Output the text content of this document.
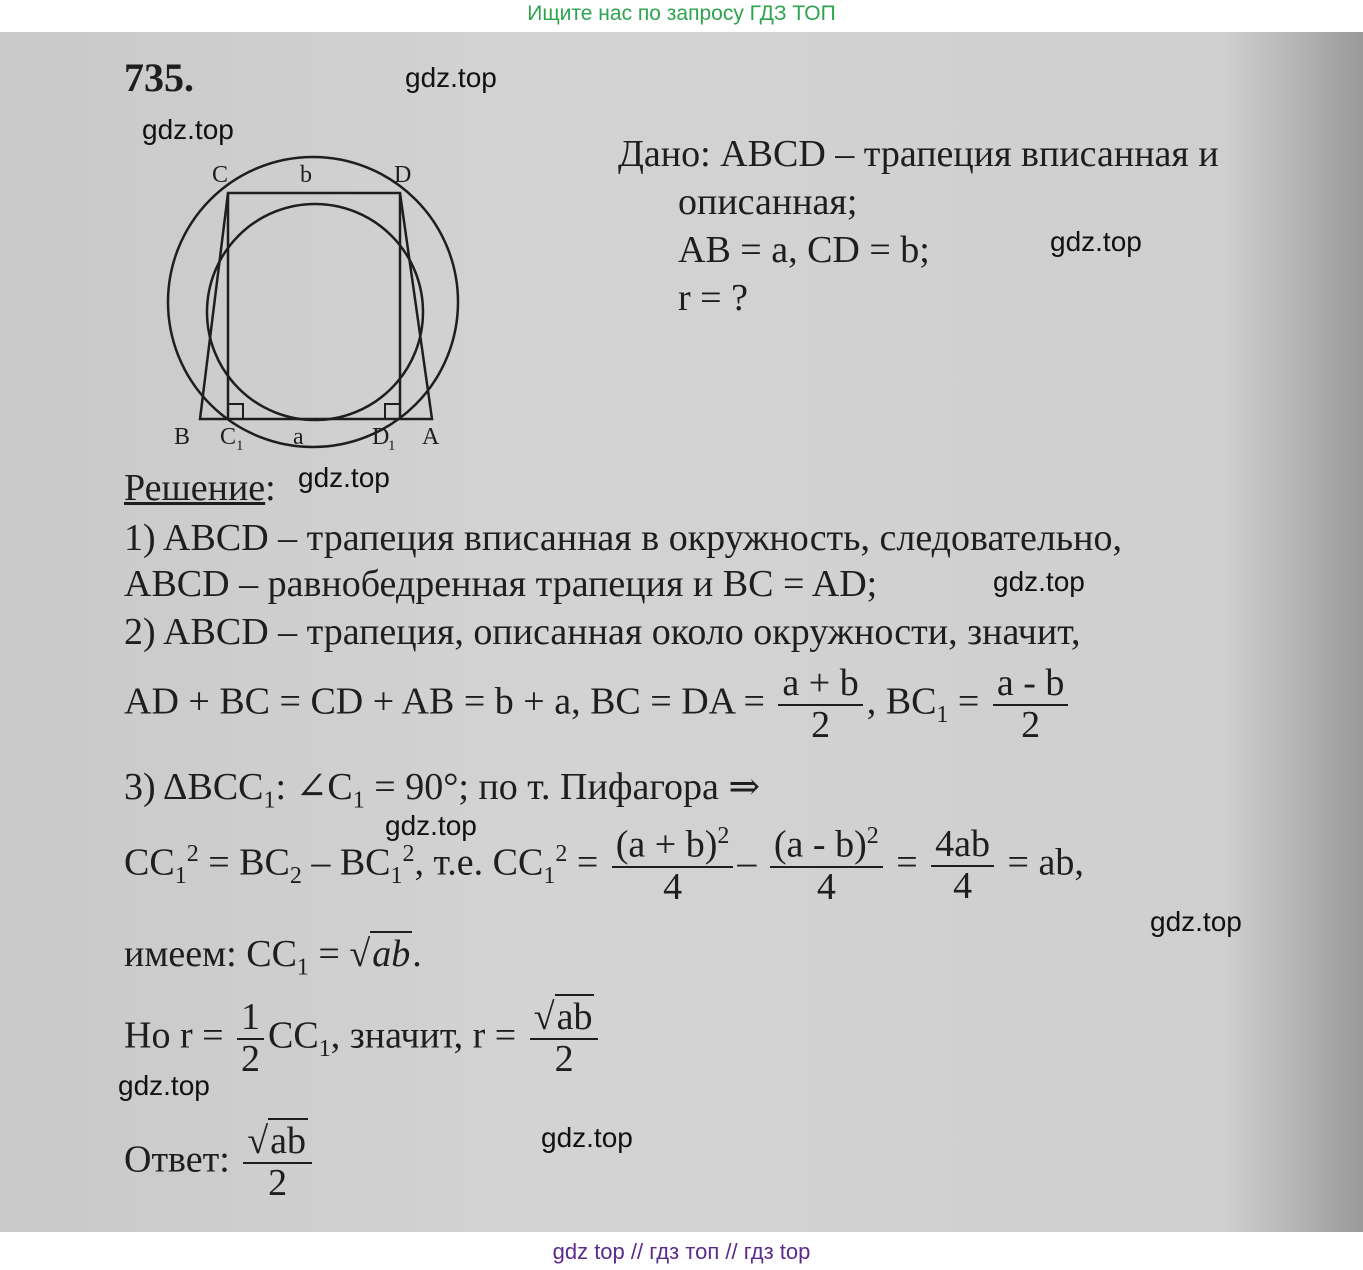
Ищите нас по запросу ГДЗ ТОП
735.	gdz.top
gdz.top
gdz.top
gdz.top
gdz.top
gdz.top
gdz.top
gdz.top
gdz.top
C	b	D
B C 1 a	D
1 A
Дано: ABCD – трапеция вписанная и
описанная;
AB = a, CD = b;
r = ?
Решение:
1) ABCD – трапеция вписанная в окружность, следовательно,
ABCD – равнобедренная трапеция и BC = AD;
2) ABCD – трапеция, описанная около окружности, значит,
AD + BC = CD + AB = b + a, BC = DA = $\frac{a + b}{2}$ , $BC_1 = \frac{a - b}{2}$
3) $\Delta BCC_1$: $\angle C_1 = 90^\circ$; по т. Пифагора ⇒
$CC_1^2 = BC_2 - BC_1^2$, т.е. $CC_1^2 = \frac{(a + b)^2}{4} - \frac{(a - b)^2}{4} = \frac{4ab}{4}$ = ab,
имеем: $CC_1 = √ab$.
Но $r = \frac{1}{2} CC_1$, значит, $r = \frac{√ab}{2}$
Ответ: $\frac{√ab}{2}$
gdz top // гдз топ // гдз top
